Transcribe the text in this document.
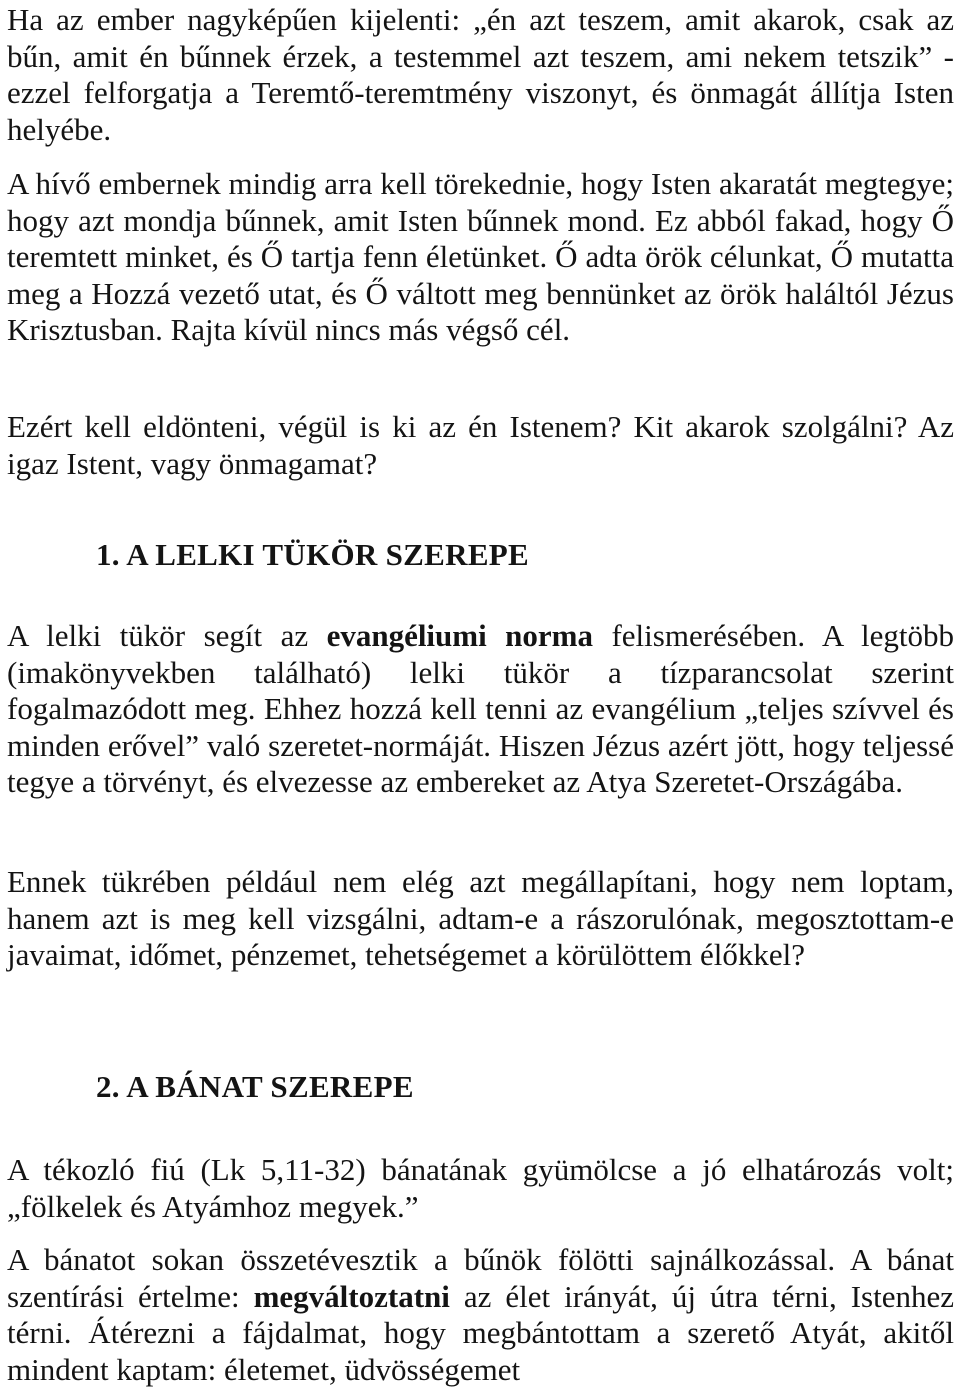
Ha az ember nagyképűen kijelenti: „én azt teszem, amit akarok, csak az bűn, amit én bűnnek érzek, a testemmel azt teszem, ami nekem tetszik” - ezzel felforgatja a Teremtő-teremtmény viszonyt, és önmagát állítja Isten helyébe.

A hívő embernek mindig arra kell törekednie, hogy Isten akaratát megtegye; hogy azt mondja bűnnek, amit Isten bűnnek mond. Ez abból fakad, hogy Ő teremtett minket, és Ő tartja fenn életünket. Ő adta örök célunkat, Ő mutatta meg a Hozzá vezető utat, és Ő váltott meg bennünket az örök haláltól Jézus Krisztusban. Rajta kívül nincs más végső cél.

Ezért kell eldönteni, végül is ki az én Istenem? Kit akarok szolgálni? Az igaz Istent, vagy önmagamat?

1. A LELKI TÜKÖR SZEREPE

A lelki tükör segít az evangéliumi norma felismerésében. A legtöbb (imakönyvekben található) lelki tükör a tízparancsolat szerint fogalmazódott meg. Ehhez hozzá kell tenni az evangélium „teljes szívvel és minden erővel” való szeretet-normáját. Hiszen Jézus azért jött, hogy teljessé tegye a törvényt, és elvezesse az embereket az Atya Szeretet-Országába.

Ennek tükrében például nem elég azt megállapítani, hogy nem loptam, hanem azt is meg kell vizsgálni, adtam-e a rászorulónak, megosztottam-e javaimat, időmet, pénzemet, tehetségemet a körülöttem élőkkel?

2. A BÁNAT SZEREPE

A tékozló fiú (Lk 5,11-32) bánatának gyümölcse a jó elhatározás volt; „fölkelek és Atyámhoz megyek.”

A bánatot sokan összetévesztik a bűnök fölötti sajnálkozással. A bánat szentírási értelme: megváltoztatni az élet irányát, új útra térni, Istenhez térni. Átérezni a fájdalmat, hogy megbántottam a szerető Atyát, akitől mindent kaptam: életemet, üdvösségemet
